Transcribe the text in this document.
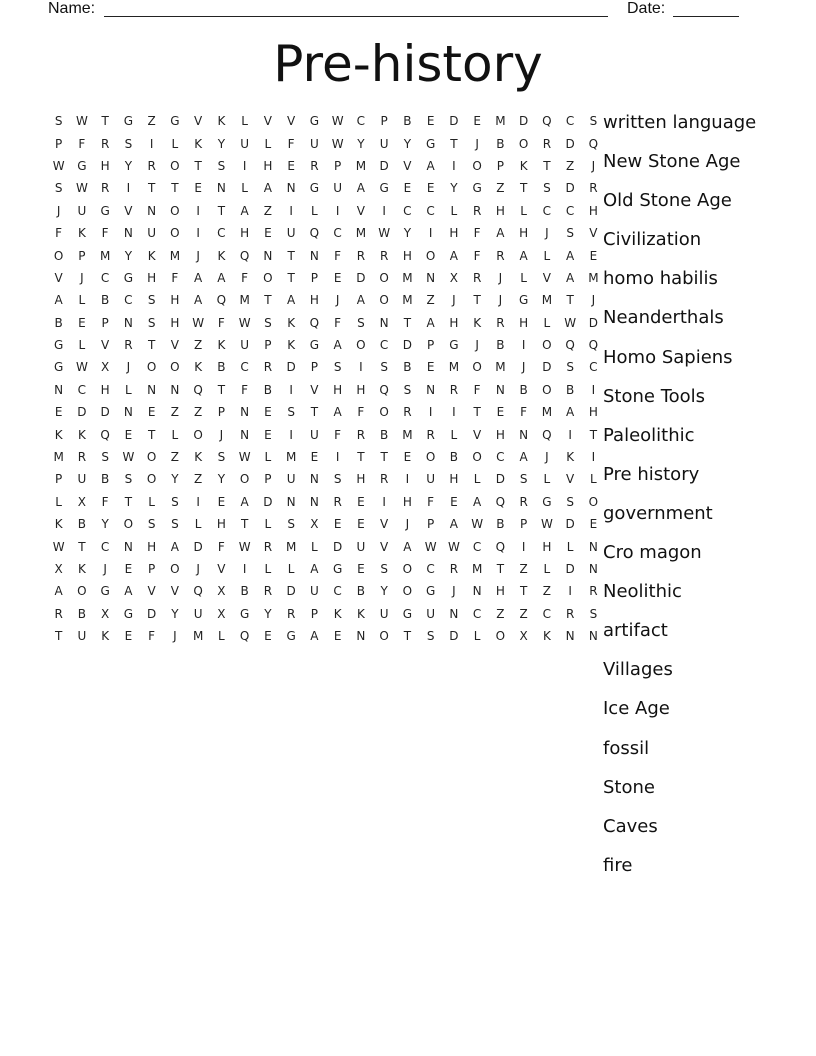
Name:	Date:
Pre-history
S	W	T	G	Z	G	V	K	L	V	V	G	W	C	P	B	E	D	E	M	D	Q	C	S
P	F	R	S	I	L	K	Y	U	L	F	U	W	Y	U	Y	G	T	J	B	O	R	D	Q
W	G	H	Y	R	O	T	S	I	H	E	R	P	M	D	V	A	I	O	P	K	T	Z	J
S	W	R	I	T	T	E	N	L	A	N	G	U	A	G	E	E	Y	G	Z	T	S	D	R
J	U	G	V	N	O	I	T	A	Z	I	L	I	V	I	C	C	L	R	H	L	C	C	H
F	K	F	N	U	O	I	C	H	E	U	Q	C	M	W	Y	I	H	F	A	H	J	S	V
O	P	M	Y	K	M	J	K	Q	N	T	N	F	R	R	H	O	A	F	R	A	L	A	E
V	J	C	G	H	F	A	A	F	O	T	P	E	D	O	M	N	X	R	J	L	V	A	M
A	L	B	C	S	H	A	Q	M	T	A	H	J	A	O	M	Z	J	T	J	G	M	T	J
B	E	P	N	S	H	W	F	W	S	K	Q	F	S	N	T	A	H	K	R	H	L	W	D
G	L	V	R	T	V	Z	K	U	P	K	G	A	O	C	D	P	G	J	B	I	O	Q	Q
G	W	X	J	O	O	K	B	C	R	D	P	S	I	S	B	E	M	O	M	J	D	S	C
N	C	H	L	N	N	Q	T	F	B	I	V	H	H	Q	S	N	R	F	N	B	O	B	I
E	D	D	N	E	Z	Z	P	N	E	S	T	A	F	O	R	I	I	T	E	F	M	A	H
K	K	Q	E	T	L	O	J	N	E	I	U	F	R	B	M	R	L	V	H	N	Q	I	T
M	R	S	W	O	Z	K	S	W	L	M	E	I	T	T	E	O	B	O	C	A	J	K	I
P	U	B	S	O	Y	Z	Y	O	P	U	N	S	H	R	I	U	H	L	D	S	L	V	L
L	X	F	T	L	S	I	E	A	D	N	N	R	E	I	H	F	E	A	Q	R	G	S	O
K	B	Y	O	S	S	L	H	T	L	S	X	E	E	V	J	P	A	W	B	P	W	D	E
W	T	C	N	H	A	D	F	W	R	M	L	D	U	V	A	W W	C	Q	I	H	L	N
X	K	J	E	P	O	J	V	I	L	L	A	G	E	S	O	C	R	M	T	Z	L	D	N
A	O	G	A	V	V	Q	X	B	R	D	U	C	B	Y	O	G	J	N	H	T	Z	I	R
R	B	X	G	D	Y	U	X	G	Y	R	P	K	K	U	G	U	N	C	Z	Z	C	R	S
T	U	K	E	F	J	M	L	Q	E	G	A	E	N	O	T	S	D	L	O	X	K	N	N
written language
New Stone Age
Old Stone Age
Civilization
homo habilis
Neanderthals
Homo Sapiens
Stone Tools
Paleolithic
Pre history
government
Cro magon
Neolithic
artifact
Villages
Ice Age
fossil
Stone
Caves
fire
